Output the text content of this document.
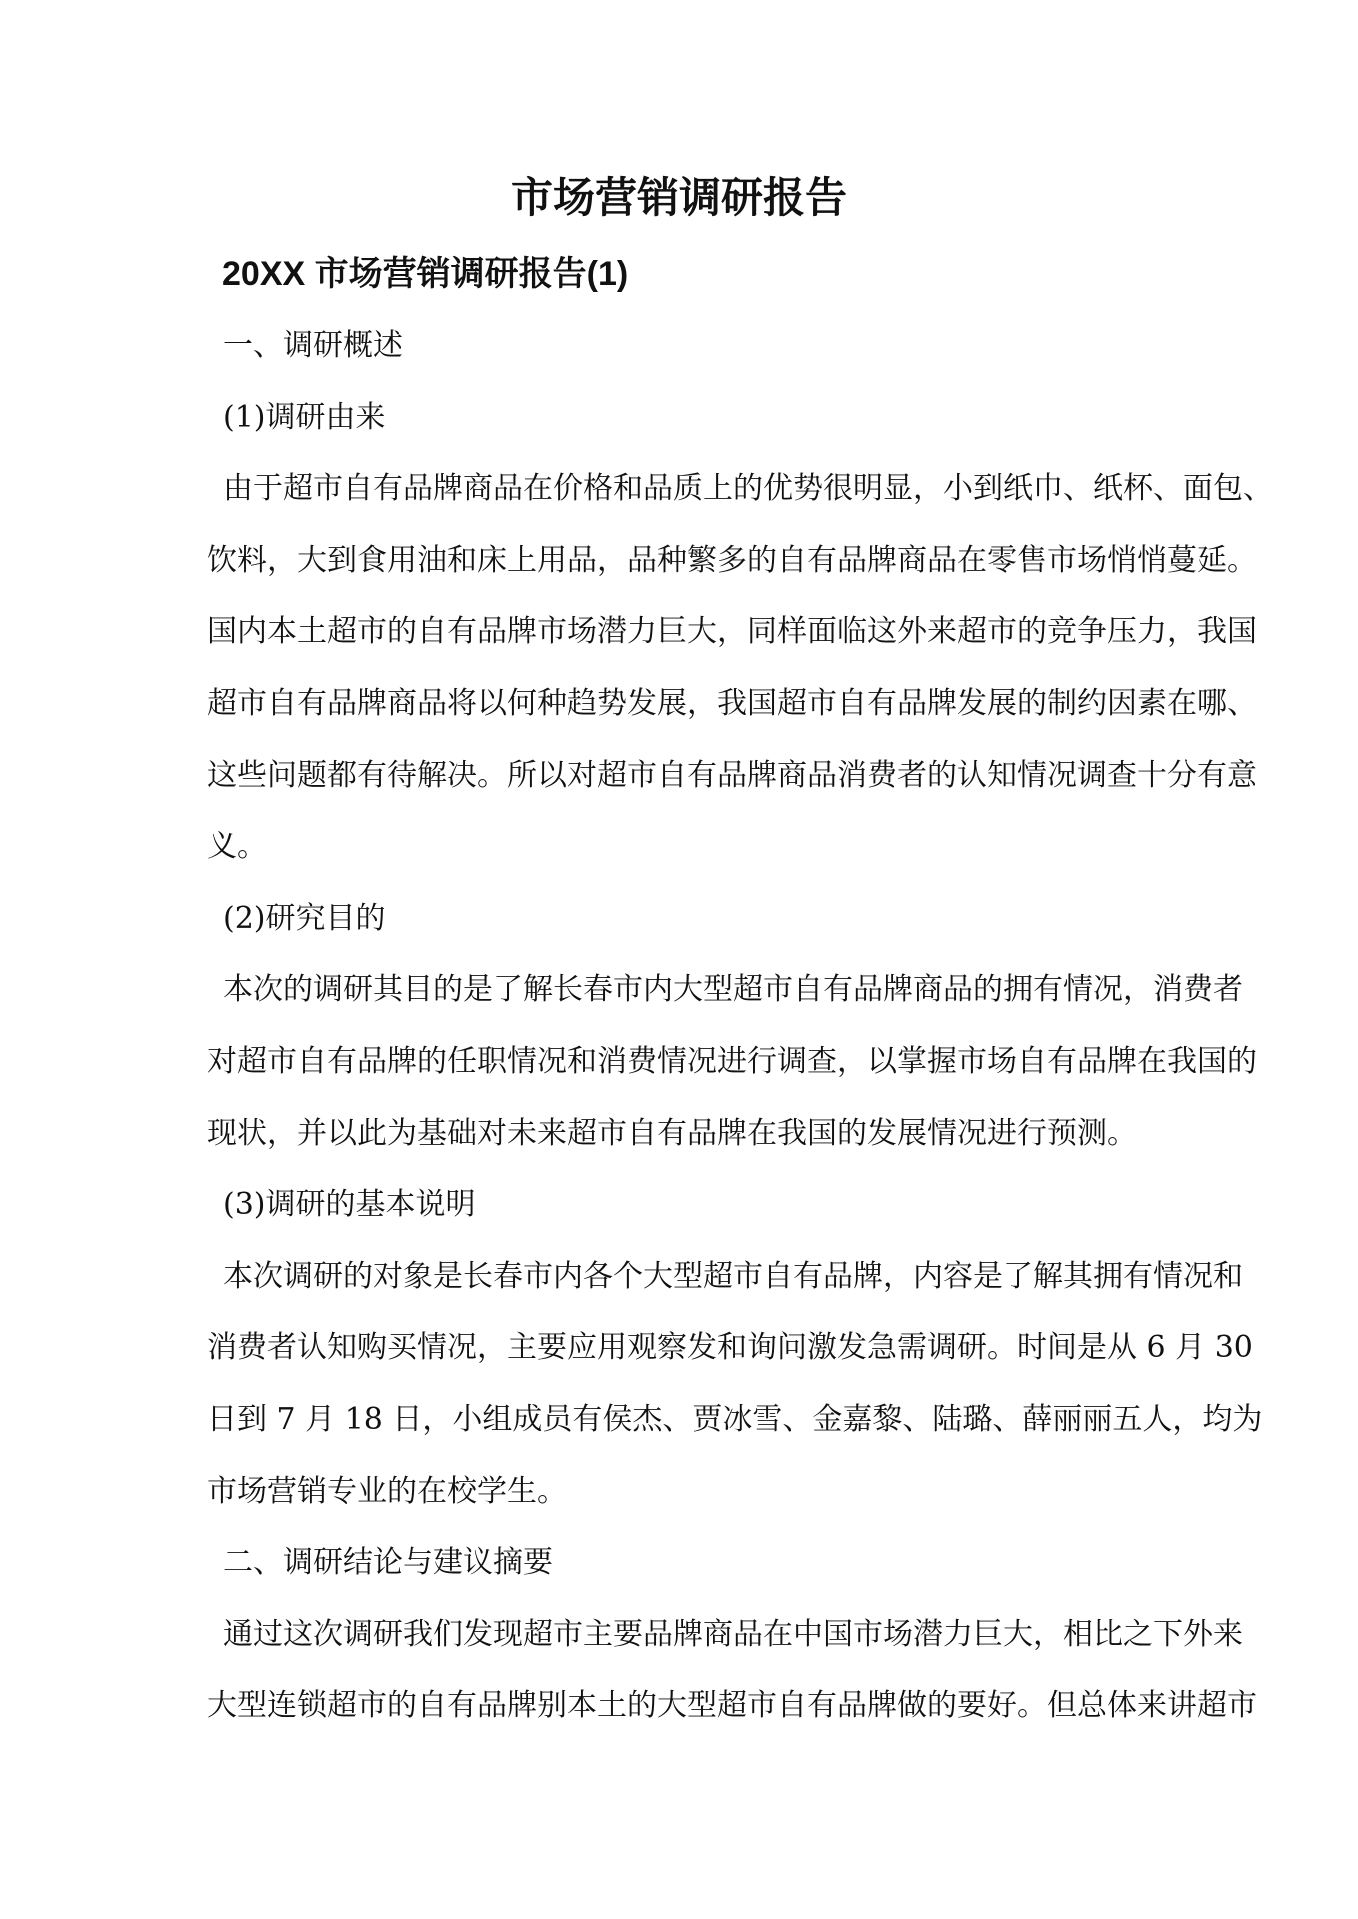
市场营销调研报告
20XX 市场营销调研报告(1)
一、调研概述
(1)调研由来
由于超市自有品牌商品在价格和品质上的优势很明显，小到纸巾、纸杯、面包、
饮料，大到食用油和床上用品，品种繁多的自有品牌商品在零售市场悄悄蔓延。
国内本土超市的自有品牌市场潜力巨大，同样面临这外来超市的竞争压力，我国
超市自有品牌商品将以何种趋势发展，我国超市自有品牌发展的制约因素在哪、
这些问题都有待解决。所以对超市自有品牌商品消费者的认知情况调查十分有意
义。
(2)研究目的
本次的调研其目的是了解长春市内大型超市自有品牌商品的拥有情况，消费者
对超市自有品牌的任职情况和消费情况进行调查，以掌握市场自有品牌在我国的
现状，并以此为基础对未来超市自有品牌在我国的发展情况进行预测。
(3)调研的基本说明
本次调研的对象是长春市内各个大型超市自有品牌，内容是了解其拥有情况和
消费者认知购买情况，主要应用观察发和询问激发急需调研。时间是从 6 月 30
日到 7 月 18 日，小组成员有侯杰、贾冰雪、金嘉黎、陆璐、薛丽丽五人，均为
市场营销专业的在校学生。
二、调研结论与建议摘要
通过这次调研我们发现超市主要品牌商品在中国市场潜力巨大，相比之下外来
大型连锁超市的自有品牌别本土的大型超市自有品牌做的要好。但总体来讲超市
